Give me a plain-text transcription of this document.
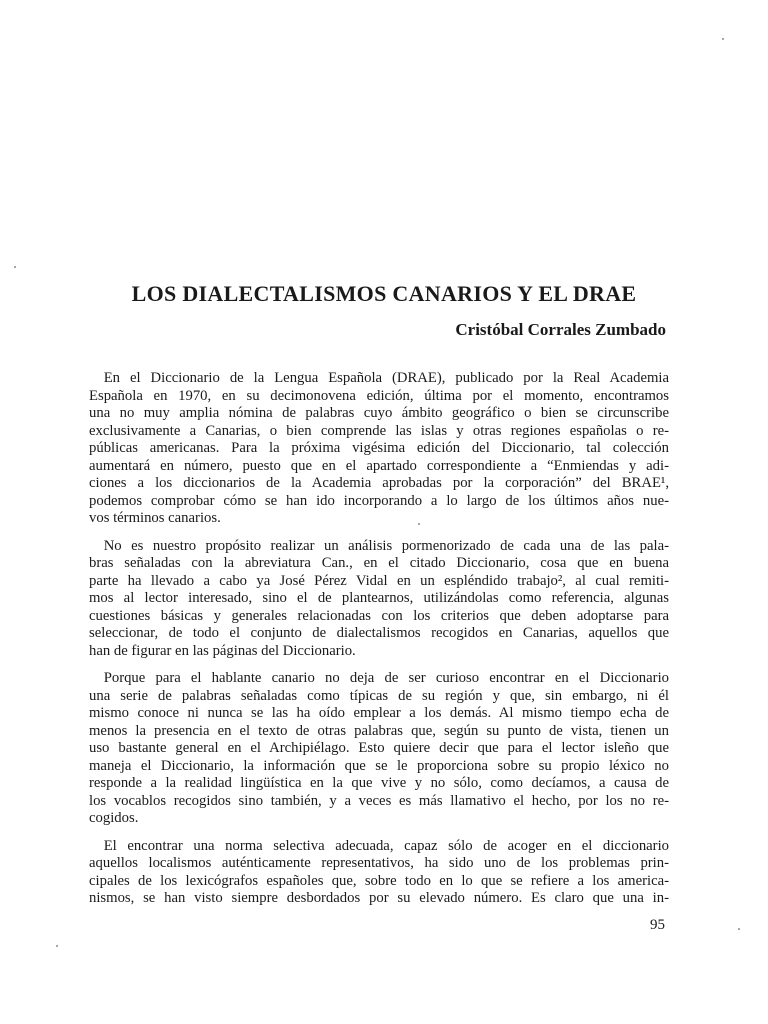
LOS DIALECTALISMOS CANARIOS Y EL DRAE

Cristóbal Corrales Zumbado

En el Diccionario de la Lengua Española (DRAE), publicado por la Real Academia
Española en 1970, en su decimonovena edición, última por el momento, encontramos
una no muy amplia nómina de palabras cuyo ámbito geográfico o bien se circunscribe
exclusivamente a Canarias, o bien comprende las islas y otras regiones españolas o re-
públicas americanas. Para la próxima vigésima edición del Diccionario, tal colección
aumentará en número, puesto que en el apartado correspondiente a “Enmiendas y adi-
ciones a los diccionarios de la Academia aprobadas por la corporación” del BRAE¹,
podemos comprobar cómo se han ido incorporando a lo largo de los últimos años nue-
vos términos canarios.
No es nuestro propósito realizar un análisis pormenorizado de cada una de las pala-
bras señaladas con la abreviatura Can., en el citado Diccionario, cosa que en buena
parte ha llevado a cabo ya José Pérez Vidal en un espléndido trabajo², al cual remiti-
mos al lector interesado, sino el de plantearnos, utilizándolas como referencia, algunas
cuestiones básicas y generales relacionadas con los criterios que deben adoptarse para
seleccionar, de todo el conjunto de dialectalismos recogidos en Canarias, aquellos que
han de figurar en las páginas del Diccionario.
Porque para el hablante canario no deja de ser curioso encontrar en el Diccionario
una serie de palabras señaladas como típicas de su región y que, sin embargo, ni él
mismo conoce ni nunca se las ha oído emplear a los demás. Al mismo tiempo echa de
menos la presencia en el texto de otras palabras que, según su punto de vista, tienen un
uso bastante general en el Archipiélago. Esto quiere decir que para el lector isleño que
maneja el Diccionario, la información que se le proporciona sobre su propio léxico no
responde a la realidad lingüística en la que vive y no sólo, como decíamos, a causa de
los vocablos recogidos sino también, y a veces es más llamativo el hecho, por los no re-
cogidos.
El encontrar una norma selectiva adecuada, capaz sólo de acoger en el diccionario
aquellos localismos auténticamente representativos, ha sido uno de los problemas prin-
cipales de los lexicógrafos españoles que, sobre todo en lo que se refiere a los america-
nismos, se han visto siempre desbordados por su elevado número. Es claro que una in-

95
